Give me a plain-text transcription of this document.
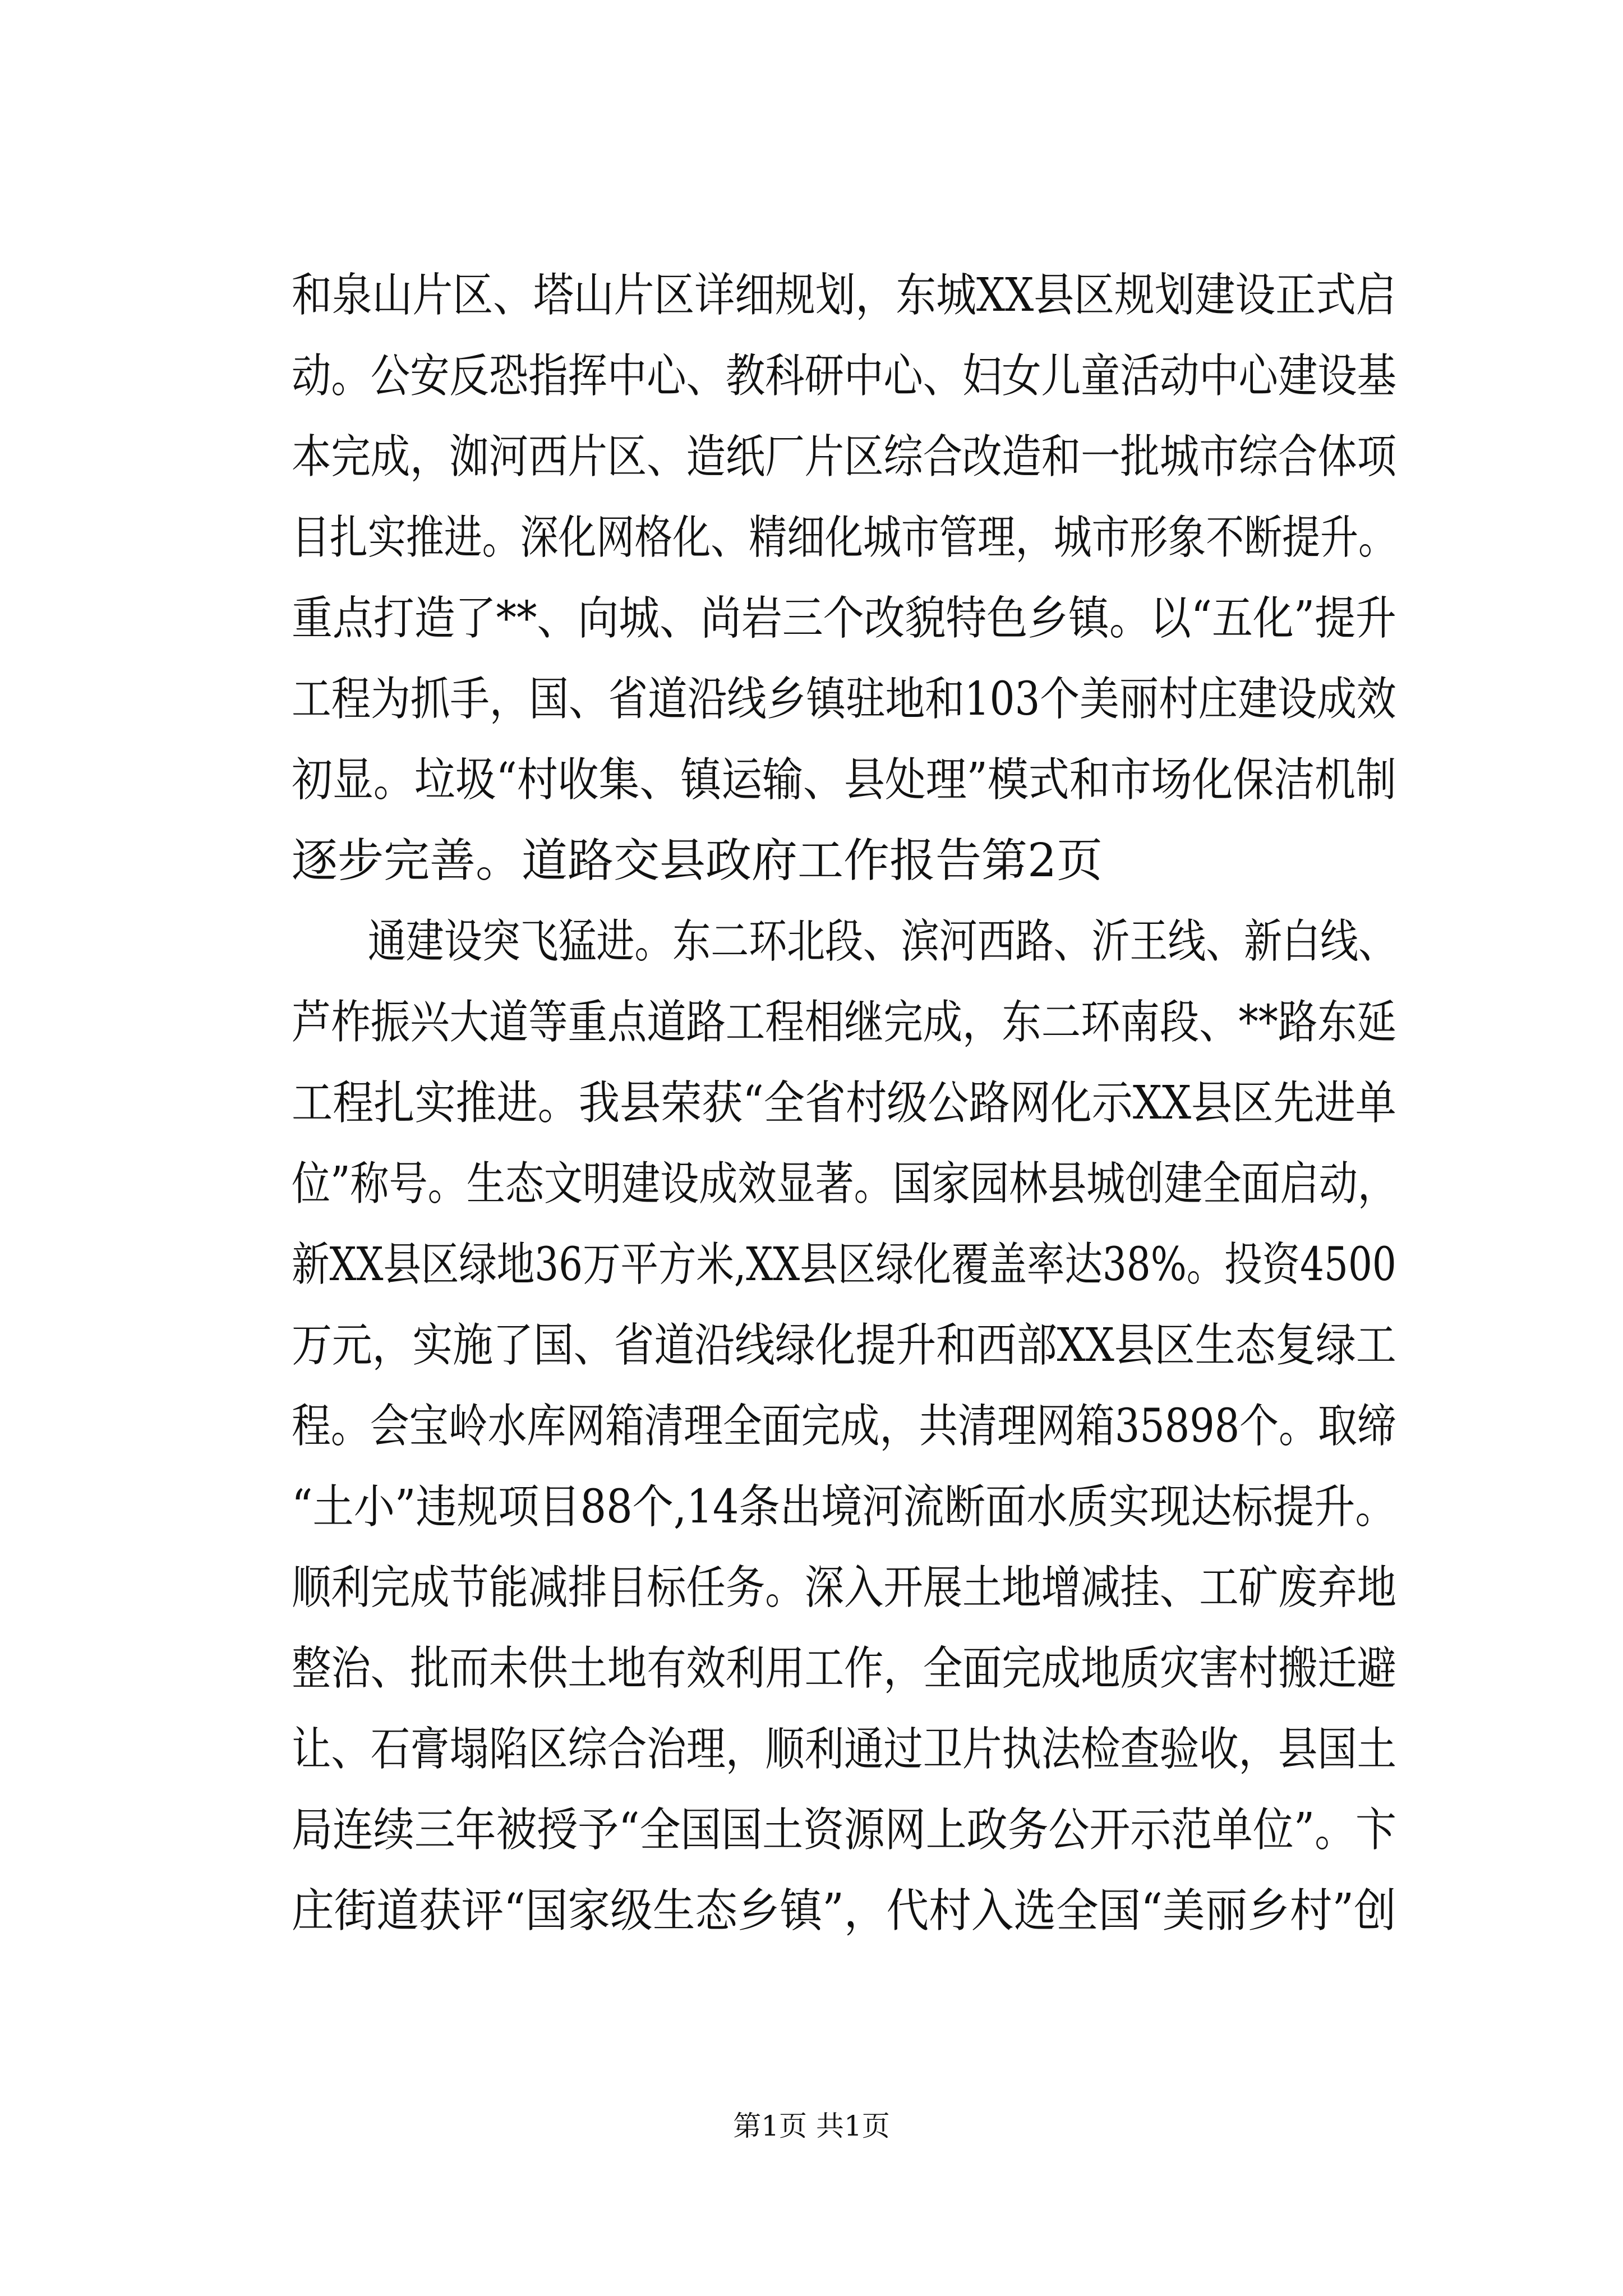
和泉山片区、塔山片区详细规划，东城XX县区规划建设正式启
动。公安反恐指挥中心、教科研中心、妇女儿童活动中心建设基
本完成，洳河西片区、造纸厂片区综合改造和一批城市综合体项
目扎实推进。深化网格化、精细化城市管理，城市形象不断提升。
重点打造了**、向城、尚岩三个改貌特色乡镇。以“五化”提升
工程为抓手，国、省道沿线乡镇驻地和103个美丽村庄建设成效
初显。垃圾“村收集、镇运输、县处理”模式和市场化保洁机制
逐步完善。道路交县政府工作报告第2页
　　通建设突飞猛进。东二环北段、滨河西路、沂王线、新白线、
芦柞振兴大道等重点道路工程相继完成，东二环南段、**路东延
工程扎实推进。我县荣获“全省村级公路网化示XX县区先进单
位”称号。生态文明建设成效显著。国家园林县城创建全面启动，
新XX县区绿地36万平方米,XX县区绿化覆盖率达38%。投资4500
万元，实施了国、省道沿线绿化提升和西部XX县区生态复绿工
程。会宝岭水库网箱清理全面完成，共清理网箱35898个。取缔
“土小”违规项目88个,14条出境河流断面水质实现达标提升。
顺利完成节能减排目标任务。深入开展土地增减挂、工矿废弃地
整治、批而未供土地有效利用工作，全面完成地质灾害村搬迁避
让、石膏塌陷区综合治理，顺利通过卫片执法检查验收，县国土
局连续三年被授予“全国国土资源网上政务公开示范单位”。卞
庄街道获评“国家级生态乡镇”，代村入选全国“美丽乡村”创
第1页 共1页
